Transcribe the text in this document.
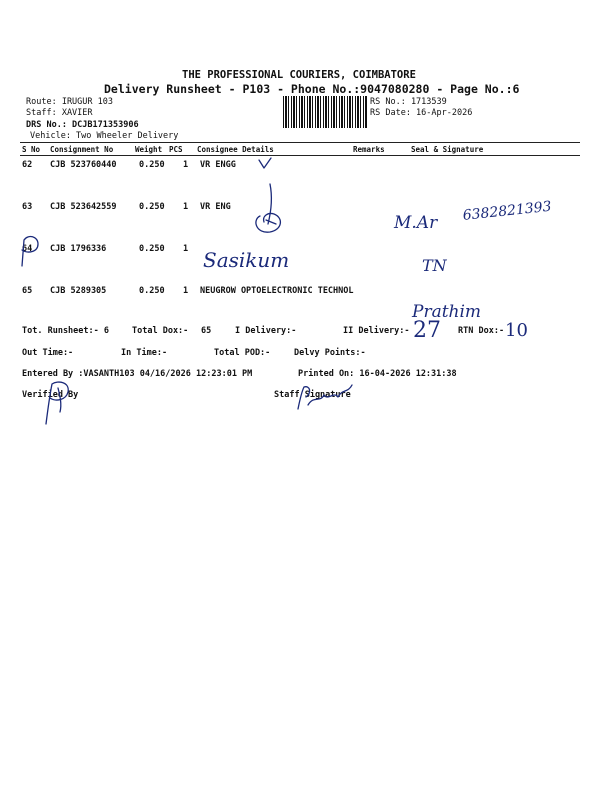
THE PROFESSIONAL COURIERS, COIMBATORE
Delivery Runsheet - P103 - Phone No.:9047080280 - Page No.:6
Route: IRUGUR 103
Staff: XAVIER
DRS No.: DCJB171353906
Vehicle: Two Wheeler Delivery
RS No.: 1713539
RS Date: 16-Apr-2026
S No Consignment No	Weight PCS Consignee Details	Remarks	Seal & Signature
62 CJB 523760440	0.250 1 VR ENGG
63 CJB 523642559	0.250 1 VR ENG
64 CJB 1796336	0.250 1
65 CJB 5289305	0.250 1 NEUGROW OPTOELECTRONIC TECHNOL
Tot. Runsheet:- 6	Total Dox:- 65	I Delivery:-	II Delivery:-	RTN Dox:-
Out Time:-	In Time:-	Total POD:-	Delvy Points:-
Entered By :VASANTH103 04/16/2026 12:23:01 PM	Printed On: 16-04-2026 12:31:38
Verified By	Staff Signature
M.Ar 6382821393
Sasikum	TN
Prathim
27	10
